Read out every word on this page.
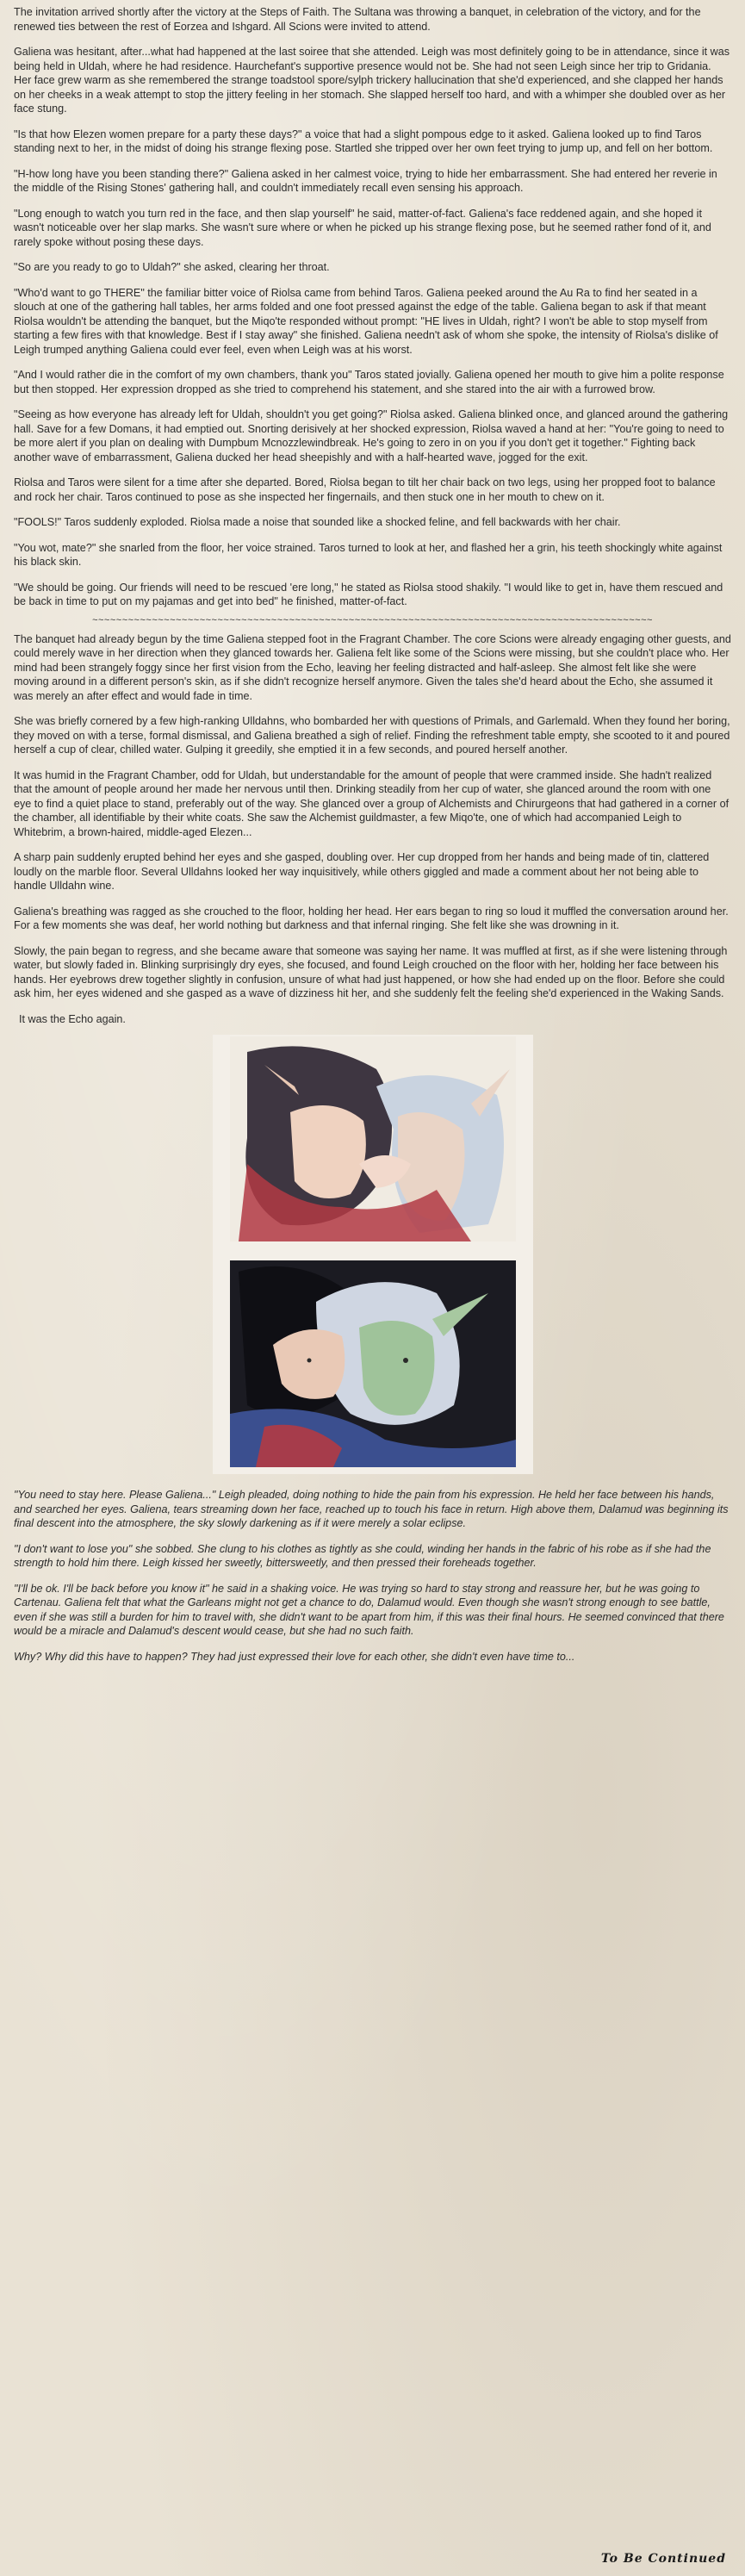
The invitation arrived shortly after the victory at the Steps of Faith. The Sultana was throwing a banquet, in celebration of the victory, and for the renewed ties between the rest of Eorzea and Ishgard. All Scions were invited to attend.

Galiena was hesitant, after...what had happened at the last soiree that she attended. Leigh was most definitely going to be in attendance, since it was being held in Uldah, where he had residence. Haurchefant's supportive presence would not be. She had not seen Leigh since her trip to Gridania. Her face grew warm as she remembered the strange toadstool spore/sylph trickery hallucination that she'd experienced, and she clapped her hands on her cheeks in a weak attempt to stop the jittery feeling in her stomach. She slapped herself too hard, and with a whimper she doubled over as her face stung.

"Is that how Elezen women prepare for a party these days?" a voice that had a slight pompous edge to it asked. Galiena looked up to find Taros standing next to her, in the midst of doing his strange flexing pose. Startled she tripped over her own feet trying to jump up, and fell on her bottom.

"H-how long have you been standing there?" Galiena asked in her calmest voice, trying to hide her embarrassment. She had entered her reverie in the middle of the Rising Stones' gathering hall, and couldn't immediately recall even sensing his approach.

"Long enough to watch you turn red in the face, and then slap yourself" he said, matter-of-fact. Galiena's face reddened again, and she hoped it wasn't noticeable over her slap marks. She wasn't sure where or when he picked up his strange flexing pose, but he seemed rather fond of it, and rarely spoke without posing these days.

"So are you ready to go to Uldah?" she asked, clearing her throat.

"Who'd want to go THERE" the familiar bitter voice of Riolsa came from behind Taros. Galiena peeked around the Au Ra to find her seated in a slouch at one of the gathering hall tables, her arms folded and one foot pressed against the edge of the table. Galiena began to ask if that meant Riolsa wouldn't be attending the banquet, but the Miqo'te responded without prompt: "HE lives in Uldah, right? I won't be able to stop myself from starting a few fires with that knowledge. Best if I stay away" she finished. Galiena needn't ask of whom she spoke, the intensity of Riolsa's dislike of Leigh trumped anything Galiena could ever feel, even when Leigh was at his worst.

"And I would rather die in the comfort of my own chambers, thank you" Taros stated jovially. Galiena opened her mouth to give him a polite response but then stopped. Her expression dropped as she tried to comprehend his statement, and she stared into the air with a furrowed brow.

"Seeing as how everyone has already left for Uldah, shouldn't you get going?" Riolsa asked. Galiena blinked once, and glanced around the gathering hall. Save for a few Domans, it had emptied out. Snorting derisively at her shocked expression, Riolsa waved a hand at her: "You're going to need to be more alert if you plan on dealing with Dumpbum Mcnozzlewindbreak. He's going to zero in on you if you don't get it together." Fighting back another wave of embarrassment, Galiena ducked her head sheepishly and with a half-hearted wave, jogged for the exit.

Riolsa and Taros were silent for a time after she departed. Bored, Riolsa began to tilt her chair back on two legs, using her propped foot to balance and rock her chair. Taros continued to pose as she inspected her fingernails, and then stuck one in her mouth to chew on it.

"FOOLS!" Taros suddenly exploded. Riolsa made a noise that sounded like a shocked feline, and fell backwards with her chair.

"You wot, mate?" she snarled from the floor, her voice strained. Taros turned to look at her, and flashed her a grin, his teeth shockingly white against his black skin.

"We should be going. Our friends will need to be rescued 'ere long," he stated as Riolsa stood shakily. "I would like to get in, have them rescued and be back in time to put on my pajamas and get into bed" he finished, matter-of-fact.

~~~~~~~~~~~~~~~~~~~~~~~~~~~~~~~~~~~~~~~~~~~~~~~~~~~~~~~~~~~~~~~~~~~~~~~~~~~~~~~~~~~~~~~~~~~~~~

The banquet had already begun by the time Galiena stepped foot in the Fragrant Chamber. The core Scions were already engaging other guests, and could merely wave in her direction when they glanced towards her. Galiena felt like some of the Scions were missing, but she couldn't place who. Her mind had been strangely foggy since her first vision from the Echo, leaving her feeling distracted and half-asleep. She almost felt like she were moving around in a different person's skin, as if she didn't recognize herself anymore. Given the tales she'd heard about the Echo, she assumed it was merely an after effect and would fade in time.

She was briefly cornered by a few high-ranking Ulldahns, who bombarded her with questions of Primals, and Garlemald. When they found her boring, they moved on with a terse, formal dismissal, and Galiena breathed a sigh of relief. Finding the refreshment table empty, she scooted to it and poured herself a cup of clear, chilled water. Gulping it greedily, she emptied it in a few seconds, and poured herself another.

It was humid in the Fragrant Chamber, odd for Uldah, but understandable for the amount of people that were crammed inside. She hadn't realized that the amount of people around her made her nervous until then. Drinking steadily from her cup of water, she glanced around the room with one eye to find a quiet place to stand, preferably out of the way. She glanced over a group of Alchemists and Chirurgeons that had gathered in a corner of the chamber, all identifiable by their white coats. She saw the Alchemist guildmaster, a few Miqo'te, one of which had accompanied Leigh to Whitebrim, a brown-haired, middle-aged Elezen...

A sharp pain suddenly erupted behind her eyes and she gasped, doubling over. Her cup dropped from her hands and being made of tin, clattered loudly on the marble floor. Several Ulldahns looked her way inquisitively, while others giggled and made a comment about her not being able to handle Ulldahn wine.

Galiena's breathing was ragged as she crouched to the floor, holding her head. Her ears began to ring so loud it muffled the conversation around her. For a few moments she was deaf, her world nothing but darkness and that infernal ringing. She felt like she was drowning in it.

Slowly, the pain began to regress, and she became aware that someone was saying her name. It was muffled at first, as if she were listening through water, but slowly faded in. Blinking surprisingly dry eyes, she focused, and found Leigh crouched on the floor with her, holding her face between his hands. Her eyebrows drew together slightly in confusion, unsure of what had just happened, or how she had ended up on the floor. Before she could ask him, her eyes widened and she gasped as a wave of dizziness hit her, and she suddenly felt the feeling she'd experienced in the Waking Sands.

It was the Echo again.

"You need to stay here. Please Galiena..." Leigh pleaded, doing nothing to hide the pain from his expression. He held her face between his hands, and searched her eyes. Galiena, tears streaming down her face, reached up to touch his face in return. High above them, Dalamud was beginning its final descent into the atmosphere, the sky slowly darkening as if it were merely a solar eclipse.

"I don't want to lose you" she sobbed. She clung to his clothes as tightly as she could, winding her hands in the fabric of his robe as if she had the strength to hold him there. Leigh kissed her sweetly, bittersweetly, and then pressed their foreheads together.

"I'll be ok. I'll be back before you know it" he said in a shaking voice. He was trying so hard to stay strong and reassure her, but he was going to Cartenau. Galiena felt that what the Garleans might not get a chance to do, Dalamud would. Even though she wasn't strong enough to see battle, even if she was still a burden for him to travel with, she didn't want to be apart from him, if this was their final hours. He seemed convinced that there would be a miracle and Dalamud's descent would cease, but she had no such faith.

Why? Why did this have to happen? They had just expressed their love for each other, she didn't even have time to...

To Be Continued
